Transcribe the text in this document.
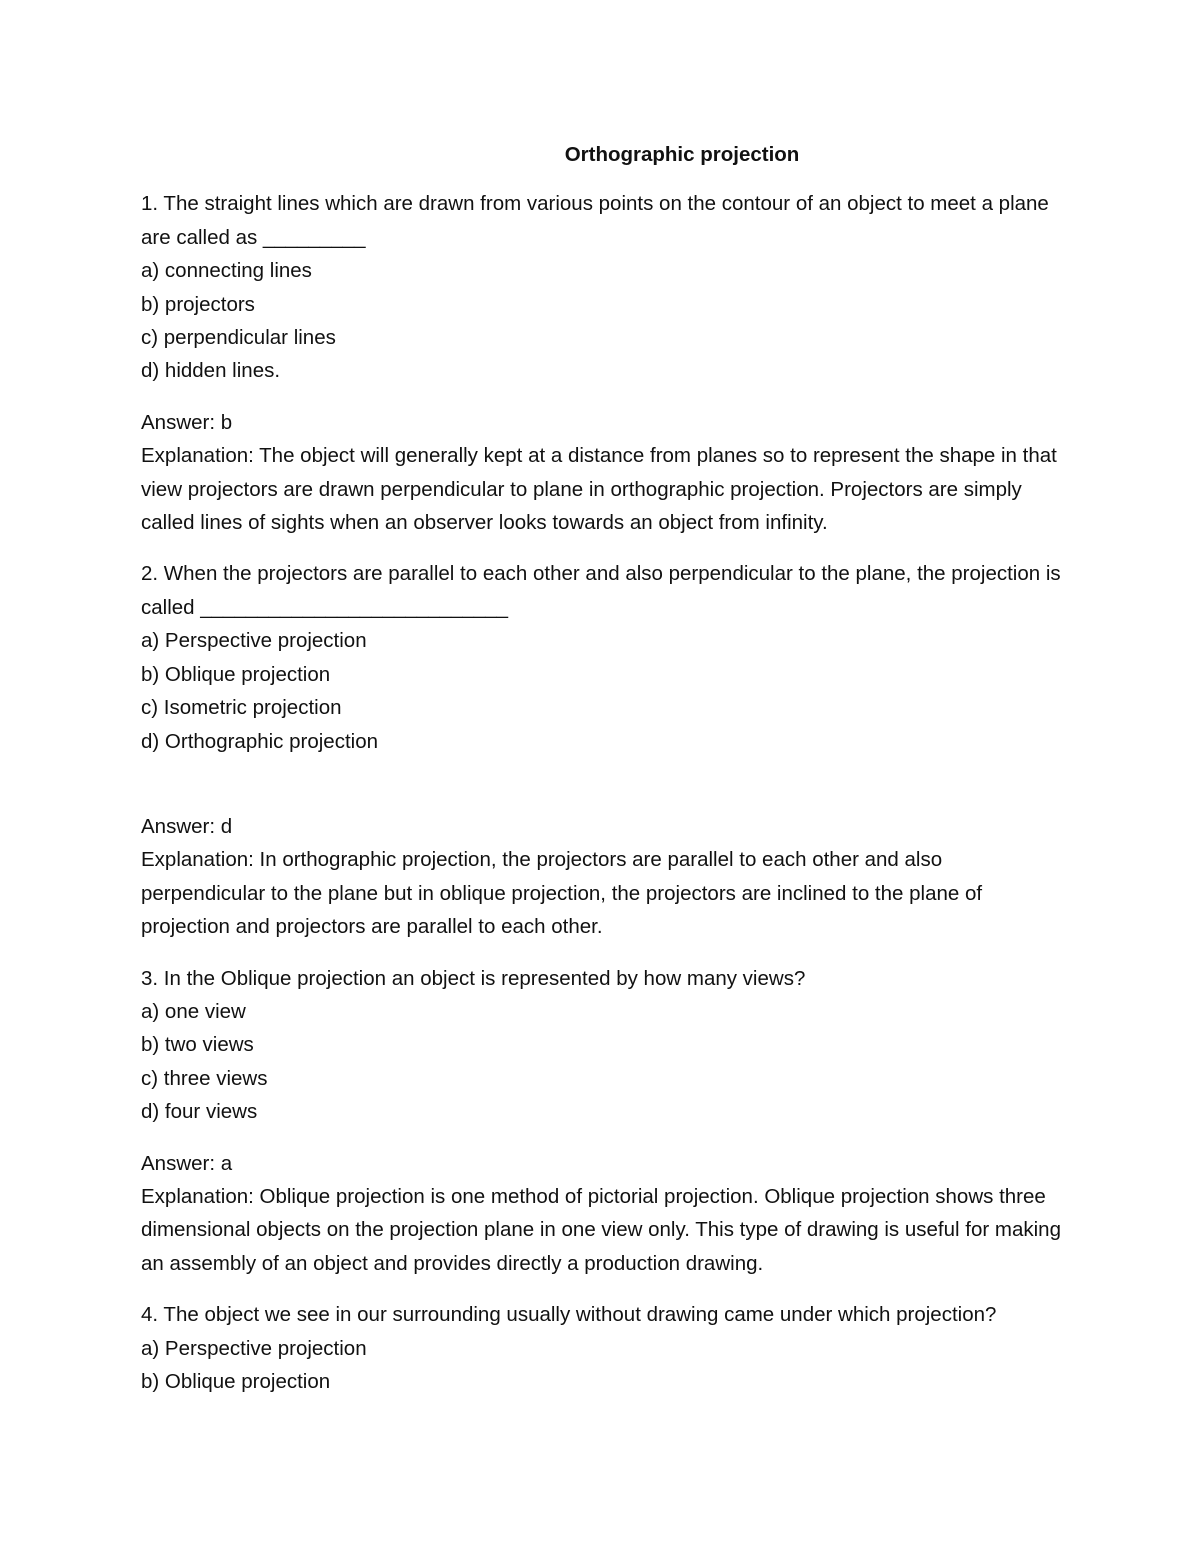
Orthographic projection

1. The straight lines which are drawn from various points on the contour of an object to meet a plane are called as _________

a) connecting lines
b) projectors
c) perpendicular lines
d) hidden lines.

Answer: b

Explanation: The object will generally kept at a distance from planes so to represent the shape in that view projectors are drawn perpendicular to plane in orthographic projection. Projectors are simply called lines of sights when an observer looks towards an object from infinity.

2. When the projectors are parallel to each other and also perpendicular to the plane, the projection is called ___________________________

a) Perspective projection
b) Oblique projection
c) Isometric projection
d) Orthographic projection

Answer: d

Explanation: In orthographic projection, the projectors are parallel to each other and also perpendicular to the plane but in oblique projection, the projectors are inclined to the plane of projection and projectors are parallel to each other.

3. In the Oblique projection an object is represented by how many views?

a) one view
b) two views
c) three views
d) four views

Answer: a

Explanation: Oblique projection is one method of pictorial projection. Oblique projection shows three dimensional objects on the projection plane in one view only. This type of drawing is useful for making an assembly of an object and provides directly a production drawing.

4. The object we see in our surrounding usually without drawing came under which projection?

a) Perspective projection
b) Oblique projection
